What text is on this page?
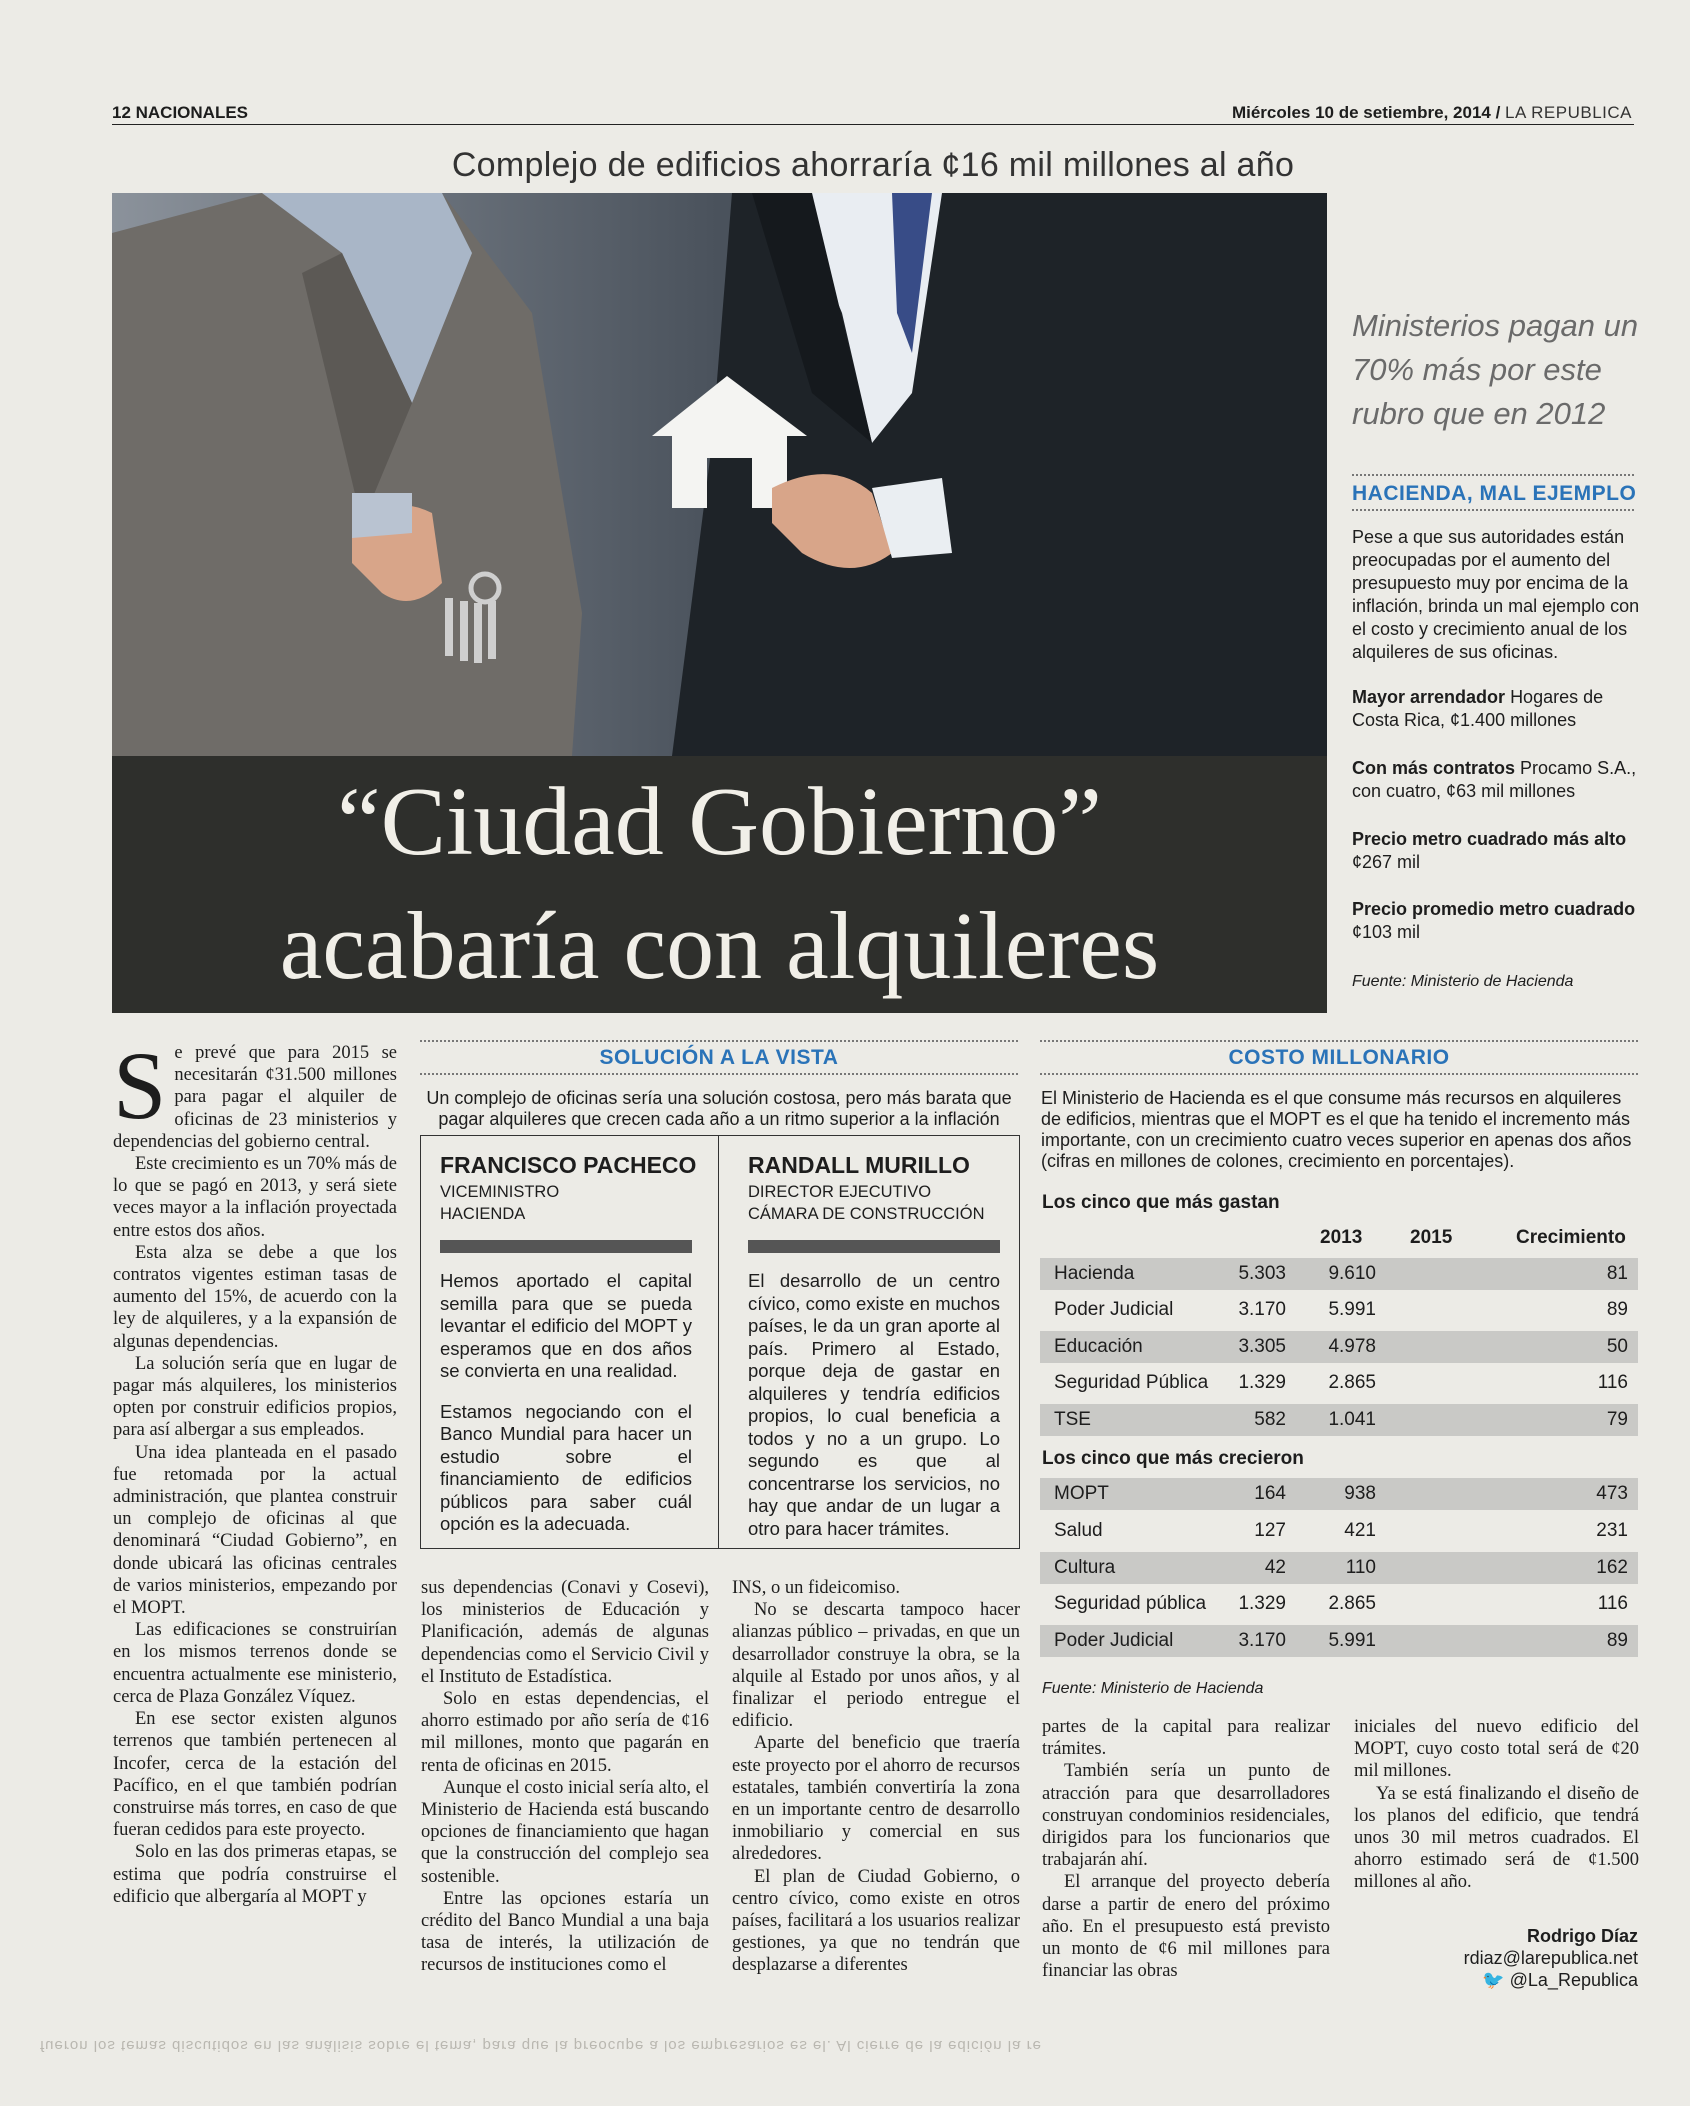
12 NACIONALES	Miércoles 10 de setiembre, 2014 / LA REPUBLICA
Complejo de edificios ahorraría ¢16 mil millones al año
“Ciudad Gobierno”
acabaría con alquileres
Ministerios pagan un 70% más por este rubro que en 2012
HACIENDA, MAL EJEMPLO
Pese a que sus autoridades están preocupadas por el aumento del presupuesto muy por encima de la inflación, brinda un mal ejemplo con el costo y crecimiento anual de los alquileres de sus oficinas.
Mayor arrendador Hogares de Costa Rica, ¢1.400 millones
Con más contratos Procamo S.A., con cuatro, ¢63 mil millones
Precio metro cuadrado más alto
¢267 mil
Precio promedio metro cuadrado
¢103 mil
Fuente: Ministerio de Hacienda

Se prevé que para 2015 se necesitarán ¢31.500 millones para pagar el alquiler de oficinas de 23 ministerios y dependencias del gobierno central.

Este crecimiento es un 70% más de lo que se pagó en 2013, y será siete veces mayor a la inflación proyectada entre estos dos años.

Esta alza se debe a que los contratos vigentes estiman tasas de aumento del 15%, de acuerdo con la ley de alquileres, y a la expansión de algunas dependencias.

La solución sería que en lugar de pagar más alquileres, los ministerios opten por construir edificios propios, para así albergar a sus empleados.

Una idea planteada en el pasado fue retomada por la actual administración, que plantea construir un complejo de oficinas al que denominará “Ciudad Gobierno”, en donde ubicará las oficinas centrales de varios ministerios, empezando por el MOPT.

Las edificaciones se construirían en los mismos terrenos donde se encuentra actualmente ese ministerio, cerca de Plaza González Víquez.

En ese sector existen algunos terrenos que también pertenecen al Incofer, cerca de la estación del Pacífico, en el que también podrían construirse más torres, en caso de que fueran cedidos para este proyecto.

Solo en las dos primeras etapas, se estima que podría construirse el edificio que albergaría al MOPT y

SOLUCIÓN A LA VISTA
Un complejo de oficinas sería una solución costosa, pero más barata que pagar alquileres que crecen cada año a un ritmo superior a la inflación
FRANCISCO PACHECO
VICEMINISTRO
HACIENDA

Hemos aportado el capital semilla para que se pueda levantar el edificio del MOPT y esperamos que en dos años se convierta en una realidad.

Estamos negociando con el Banco Mundial para hacer un estudio sobre el financiamiento de edificios públicos para saber cuál opción es la adecuada.

RANDALL MURILLO
DIRECTOR EJECUTIVO
CÁMARA DE CONSTRUCCIÓN

El desarrollo de un centro cívico, como existe en muchos países, le da un gran aporte al país. Primero al Estado, porque deja de gastar en alquileres y tendría edificios propios, lo cual beneficia a todos y no a un grupo. Lo segundo es que al concentrarse los servicios, no hay que andar de un lugar a otro para hacer trámites.

sus dependencias (Conavi y Cosevi), los ministerios de Educación y Planificación, además de algunas dependencias como el Servicio Civil y el Instituto de Estadística.

Solo en estas dependencias, el ahorro estimado por año sería de ¢16 mil millones, monto que pagarán en renta de oficinas en 2015.

Aunque el costo inicial sería alto, el Ministerio de Hacienda está buscando opciones de financiamiento que hagan que la construcción del complejo sea sostenible.

Entre las opciones estaría un crédito del Banco Mundial a una baja tasa de interés, la utilización de recursos de instituciones como el

INS, o un fideicomiso.

No se descarta tampoco hacer alianzas público – privadas, en que un desarrollador construye la obra, se la alquile al Estado por unos años, y al finalizar el periodo entregue el edificio.

Aparte del beneficio que traería este proyecto por el ahorro de recursos estatales, también convertiría la zona en un importante centro de desarrollo inmobiliario y comercial en sus alrededores.

El plan de Ciudad Gobierno, o centro cívico, como existe en otros países, facilitará a los usuarios realizar gestiones, ya que no tendrán que desplazarse a diferentes

COSTO MILLONARIO
El Ministerio de Hacienda es el que consume más recursos en alquileres de edificios, mientras que el MOPT es el que ha tenido el incremento más importante, con un crecimiento cuatro veces superior en apenas dos años (cifras en millones de colones, crecimiento en porcentajes).
Los cinco que más gastan
2013	2015	Crecimiento
Hacienda	5.303 9.610	81
Poder Judicial	3.170 5.991	89
Educación	3.305 4.978	50
Seguridad Pública 1.329 2.865	116
TSE	582 1.041	79
Los cinco que más crecieron
MOPT	164	938	473
Salud	127	421	231
Cultura	42	110	162
Seguridad pública 1.329 2.865	116
Poder Judicial	3.170 5.991	89
Fuente: Ministerio de Hacienda

partes de la capital para realizar trámites.

También sería un punto de atracción para que desarrolladores construyan condominios residenciales, dirigidos para los funcionarios que trabajarán ahí.

El arranque del proyecto debería darse a partir de enero del próximo año. En el presupuesto está previsto un monto de ¢6 mil millones para financiar las obras

iniciales del nuevo edificio del MOPT, cuyo costo total será de ¢20 mil millones.

Ya se está finalizando el diseño de los planos del edificio, que tendrá unos 30 mil metros cuadrados. El ahorro estimado será de ¢1.500 millones al año.

Rodrigo Díaz
rdiaz@larepublica.net
🐦 @La_Republica
fueron los temas discutidos en las análisis sobre el tema, para que la preocupe a los empresarios es el. Al cierre de la edición la re
